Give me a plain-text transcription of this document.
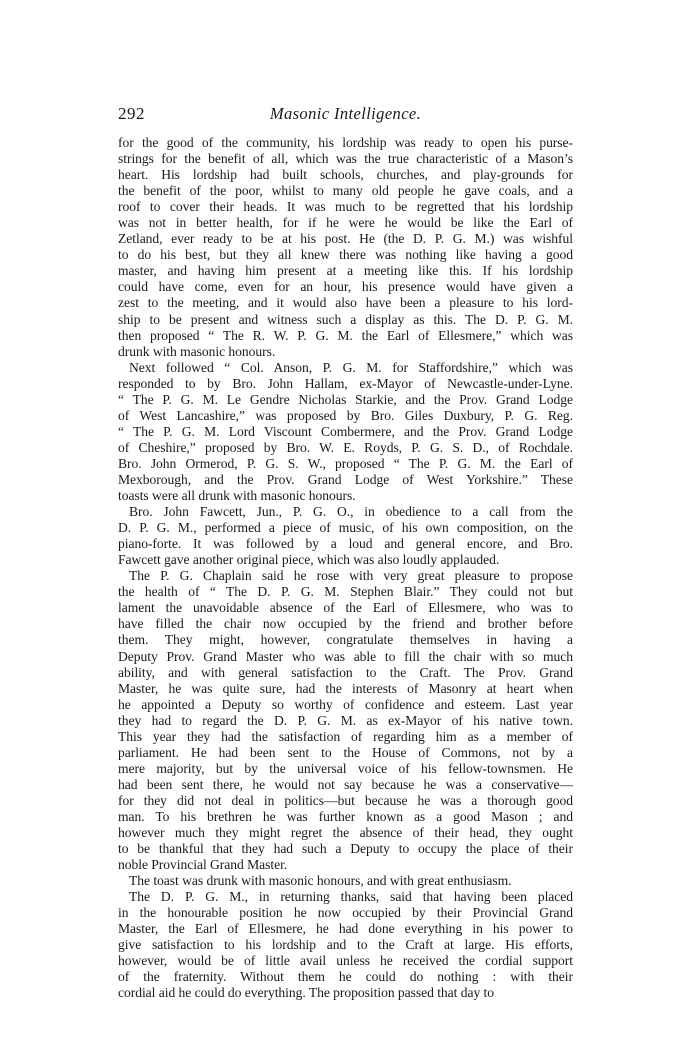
292	Masonic Intelligence.
for the good of the community, his lordship was ready to open his purse-
strings for the benefit of all, which was the true characteristic of a Mason’s
heart. His lordship had built schools, churches, and play-grounds for
the benefit of the poor, whilst to many old people he gave coals, and a
roof to cover their heads. It was much to be regretted that his lordship
was not in better health, for if he were he would be like the Earl of
Zetland, ever ready to be at his post. He (the D. P. G. M.) was wishful
to do his best, but they all knew there was nothing like having a good
master, and having him present at a meeting like this. If his lordship
could have come, even for an hour, his presence would have given a
zest to the meeting, and it would also have been a pleasure to his lord-
ship to be present and witness such a display as this. The D. P. G. M.
then proposed “ The R. W. P. G. M. the Earl of Ellesmere,” which was
drunk with masonic honours.
Next followed “ Col. Anson, P. G. M. for Staffordshire,” which was
responded to by Bro. John Hallam, ex-Mayor of Newcastle-under-Lyne.
“ The P. G. M. Le Gendre Nicholas Starkie, and the Prov. Grand Lodge
of West Lancashire,” was proposed by Bro. Giles Duxbury, P. G. Reg.
“ The P. G. M. Lord Viscount Combermere, and the Prov. Grand Lodge
of Cheshire,” proposed by Bro. W. E. Royds, P. G. S. D., of Rochdale.
Bro. John Ormerod, P. G. S. W., proposed “ The P. G. M. the Earl of
Mexborough, and the Prov. Grand Lodge of West Yorkshire.” These
toasts were all drunk with masonic honours.
Bro. John Fawcett, Jun., P. G. O., in obedience to a call from the
D. P. G. M., performed a piece of music, of his own composition, on the
piano-forte. It was followed by a loud and general encore, and Bro.
Fawcett gave another original piece, which was also loudly applauded.
The P. G. Chaplain said he rose with very great pleasure to propose
the health of “ The D. P. G. M. Stephen Blair.” They could not but
lament the unavoidable absence of the Earl of Ellesmere, who was to
have filled the chair now occupied by the friend and brother before
them. They might, however, congratulate themselves in having a
Deputy Prov. Grand Master who was able to fill the chair with so much
ability, and with general satisfaction to the Craft. The Prov. Grand
Master, he was quite sure, had the interests of Masonry at heart when
he appointed a Deputy so worthy of confidence and esteem. Last year
they had to regard the D. P. G. M. as ex-Mayor of his native town.
This year they had the satisfaction of regarding him as a member of
parliament. He had been sent to the House of Commons, not by a
mere majority, but by the universal voice of his fellow-townsmen. He
had been sent there, he would not say because he was a conservative—
for they did not deal in politics—but because he was a thorough good
man. To his brethren he was further known as a good Mason ; and
however much they might regret the absence of their head, they ought
to be thankful that they had such a Deputy to occupy the place of their
noble Provincial Grand Master.
The toast was drunk with masonic honours, and with great enthusiasm.
The D. P. G. M., in returning thanks, said that having been placed
in the honourable position he now occupied by their Provincial Grand
Master, the Earl of Ellesmere, he had done everything in his power to
give satisfaction to his lordship and to the Craft at large. His efforts,
however, would be of little avail unless he received the cordial support
of the fraternity. Without them he could do nothing : with their
cordial aid he could do everything. The proposition passed that day to
